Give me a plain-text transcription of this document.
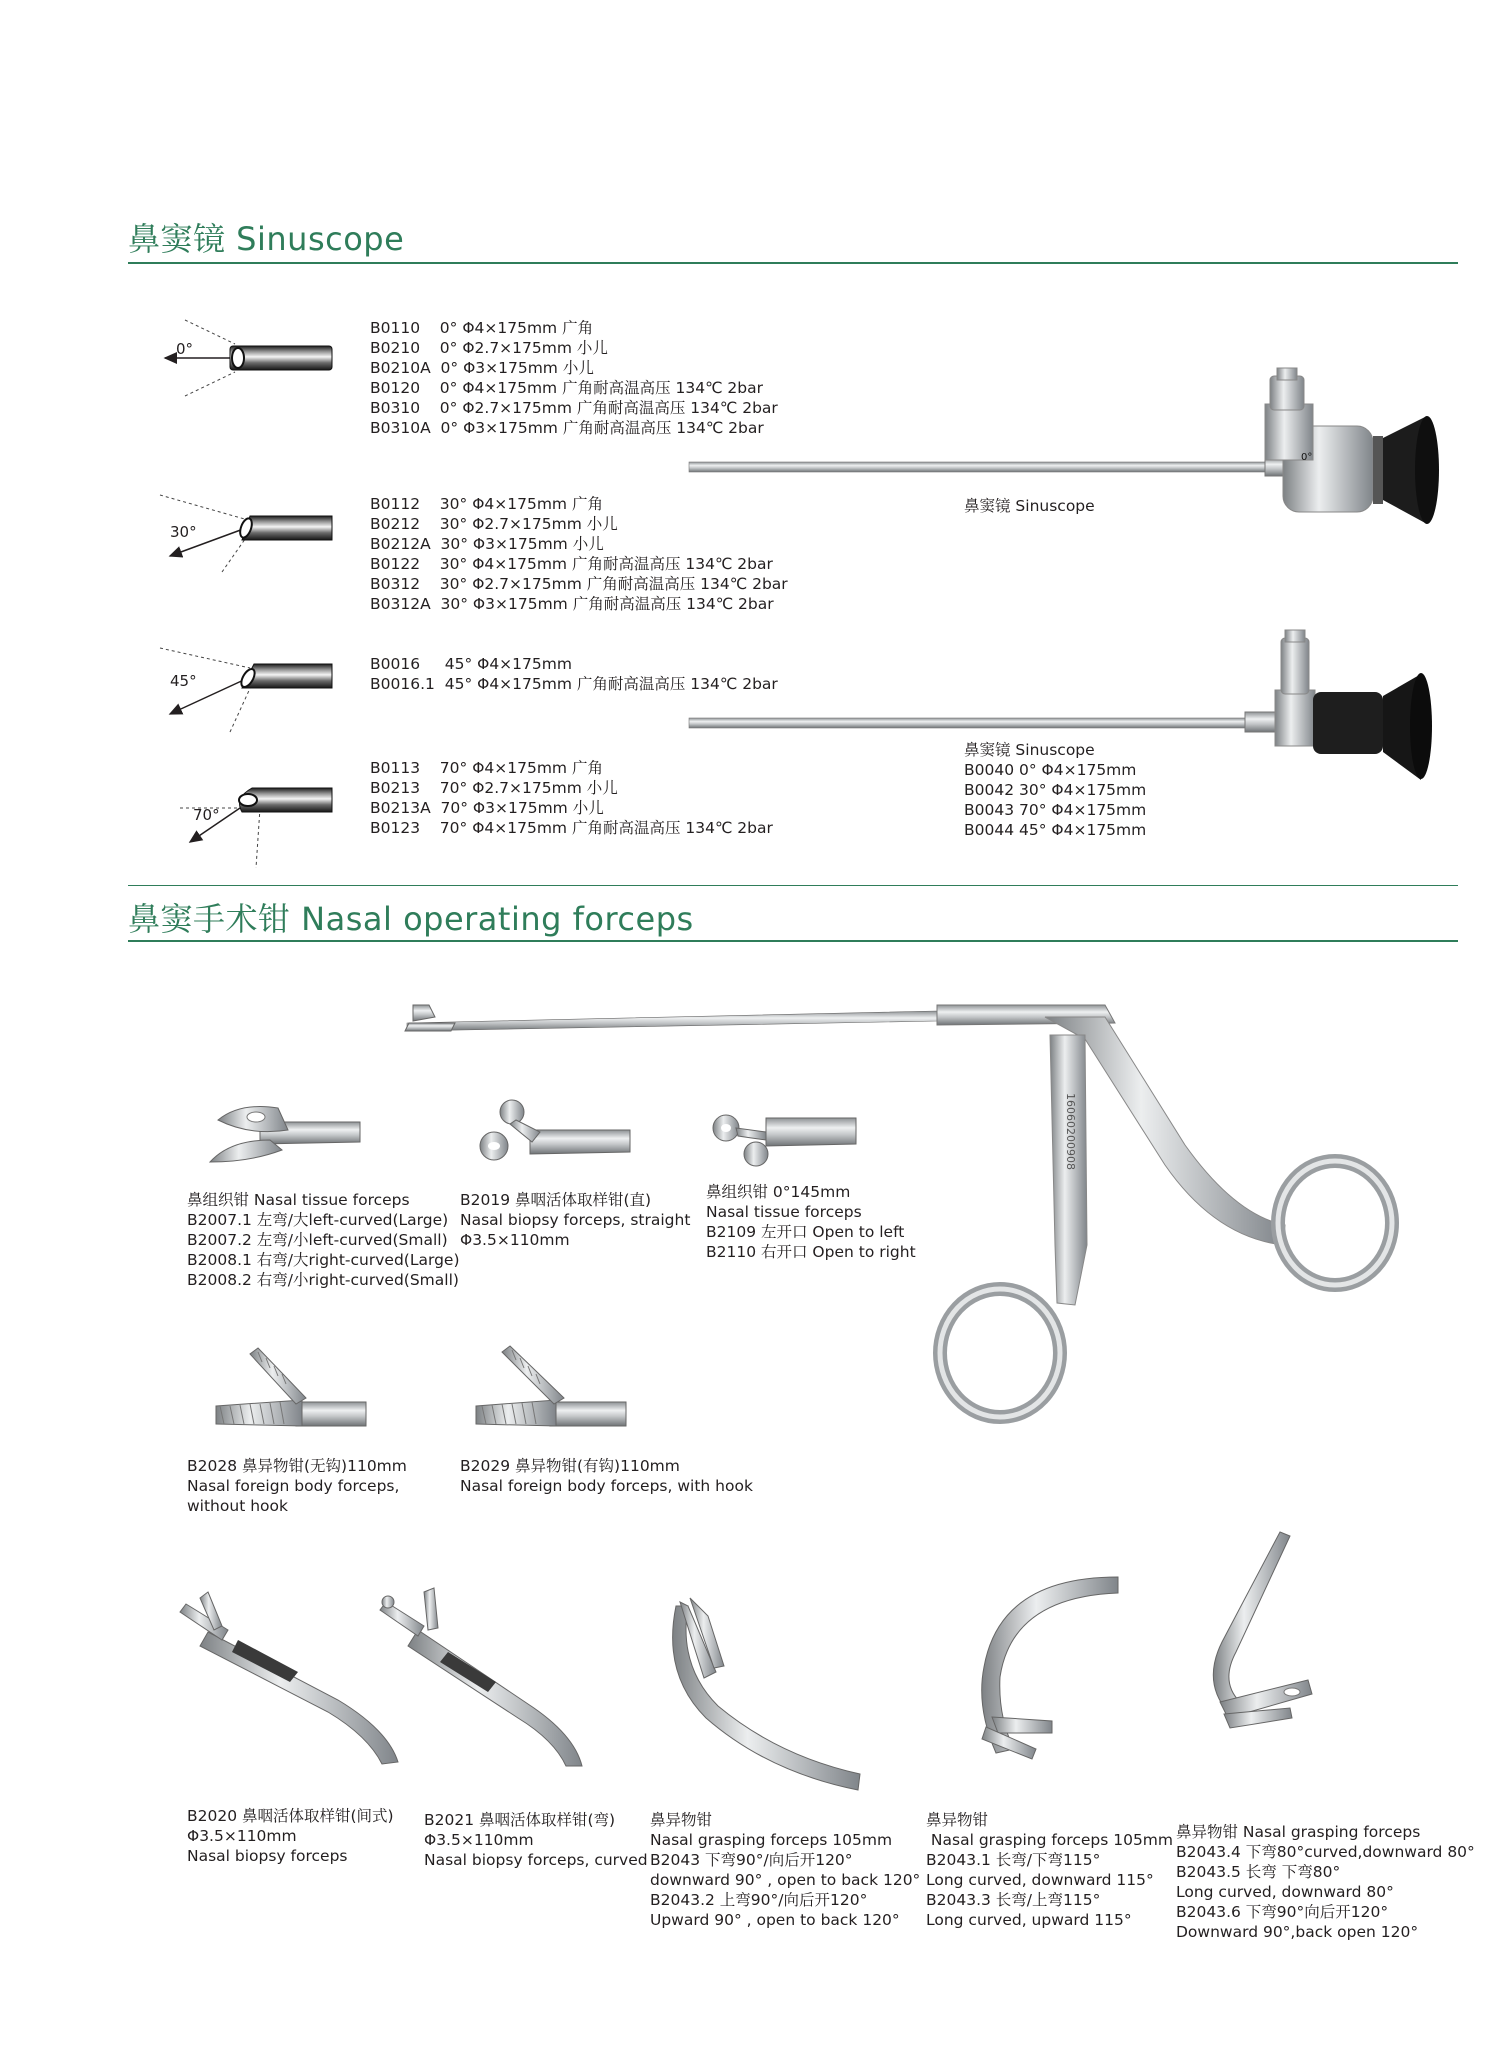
鼻窦镜 Sinuscope
0°
30°
45°
70°
B0110    0° Φ4×175mm 广角
B0210    0° Φ2.7×175mm 小儿
B0210A  0° Φ3×175mm 小儿
B0120    0° Φ4×175mm 广角耐高温高压 134℃ 2bar
B0310    0° Φ2.7×175mm 广角耐高温高压 134℃ 2bar
B0310A  0° Φ3×175mm 广角耐高温高压 134℃ 2bar
B0112    30° Φ4×175mm 广角
B0212    30° Φ2.7×175mm 小儿
B0212A  30° Φ3×175mm 小儿
B0122    30° Φ4×175mm 广角耐高温高压 134℃ 2bar
B0312    30° Φ2.7×175mm 广角耐高温高压 134℃ 2bar
B0312A  30° Φ3×175mm 广角耐高温高压 134℃ 2bar
B0016     45° Φ4×175mm
B0016.1  45° Φ4×175mm 广角耐高温高压 134℃ 2bar
B0113    70° Φ4×175mm 广角
B0213    70° Φ2.7×175mm 小儿
B0213A  70° Φ3×175mm 小儿
B0123    70° Φ4×175mm 广角耐高温高压 134℃ 2bar
0°
鼻窦镜 Sinuscope
鼻窦镜 Sinuscope
B0040 0° Φ4×175mm
B0042 30° Φ4×175mm
B0043 70° Φ4×175mm
B0044 45° Φ4×175mm
鼻窦手术钳 Nasal operating forceps
16060200908
鼻组织钳 Nasal tissue forceps
B2007.1 左弯/大left-curved(Large)
B2007.2 左弯/小left-curved(Small)
B2008.1 右弯/大right-curved(Large)
B2008.2 右弯/小right-curved(Small)
B2019 鼻咽活体取样钳(直)
Nasal biopsy forceps, straight
Φ3.5×110mm
鼻组织钳 0°145mm
Nasal tissue forceps
B2109 左开口 Open to left
B2110 右开口 Open to right
B2028 鼻异物钳(无钩)110mm
Nasal foreign body forceps,
without hook
B2029 鼻异物钳(有钩)110mm
Nasal foreign body forceps, with hook
B2020 鼻咽活体取样钳(间式)
Φ3.5×110mm
Nasal biopsy forceps
B2021 鼻咽活体取样钳(弯)
Φ3.5×110mm
Nasal biopsy forceps, curved
鼻异物钳
Nasal grasping forceps 105mm
B2043 下弯90°/向后开120°
downward 90° , open to back 120°
B2043.2 上弯90°/向后开120°
Upward 90° , open to back 120°
鼻异物钳
Nasal grasping forceps 105mm
B2043.1 长弯/下弯115°
Long curved, downward 115°
B2043.3 长弯/上弯115°
Long curved, upward 115°
鼻异物钳 Nasal grasping forceps
B2043.4 下弯80°curved,downward 80°
B2043.5 长弯 下弯80°
Long curved, downward 80°
B2043.6 下弯90°向后开120°
Downward 90°,back open 120°
